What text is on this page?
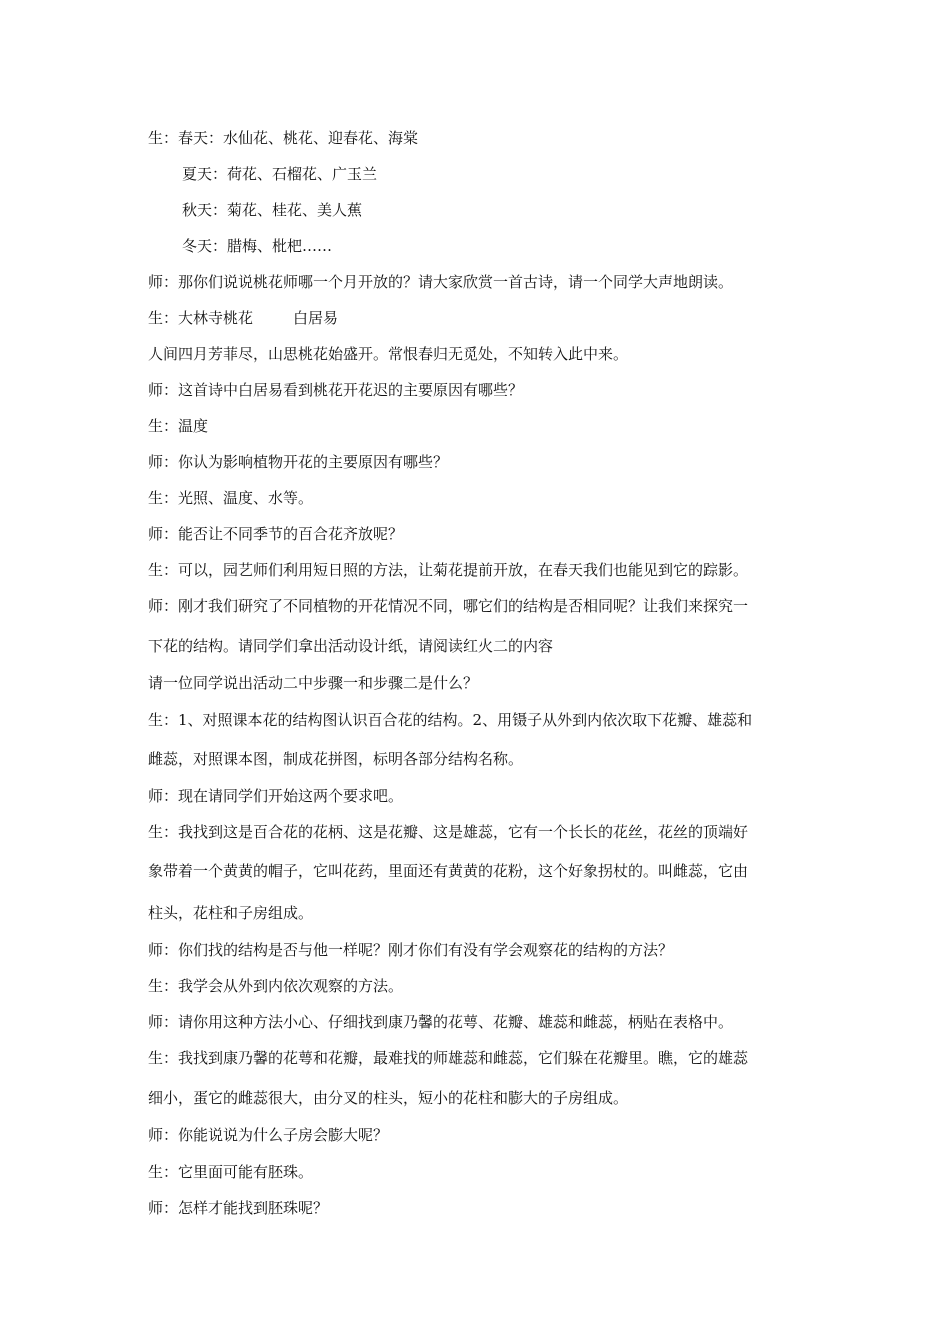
生：春天：水仙花、桃花、迎春花、海棠
夏天：荷花、石榴花、广玉兰
秋天：菊花、桂花、美人蕉
冬天：腊梅、枇杷……
师：那你们说说桃花师哪一个月开放的？请大家欣赏一首古诗，请一个同学大声地朗读。
生：大林寺桃花	白居易
人间四月芳菲尽，山思桃花始盛开。常恨春归无觅处，不知转入此中来。
师：这首诗中白居易看到桃花开花迟的主要原因有哪些？
生：温度
师：你认为影响植物开花的主要原因有哪些？
生：光照、温度、水等。
师：能否让不同季节的百合花齐放呢？
生：可以，园艺师们利用短日照的方法，让菊花提前开放，在春天我们也能见到它的踪影。
师：刚才我们研究了不同植物的开花情况不同，哪它们的结构是否相同呢？让我们来探究一
下花的结构。请同学们拿出活动设计纸，请阅读红火二的内容
请一位同学说出活动二中步骤一和步骤二是什么？
生：1、对照课本花的结构图认识百合花的结构。2、用镊子从外到内依次取下花瓣、雄蕊和
雌蕊，对照课本图，制成花拼图，标明各部分结构名称。
师：现在请同学们开始这两个要求吧。
生：我找到这是百合花的花柄、这是花瓣、这是雄蕊，它有一个长长的花丝，花丝的顶端好
象带着一个黄黄的帽子，它叫花药，里面还有黄黄的花粉，这个好象拐杖的。叫雌蕊，它由
柱头，花柱和子房组成。
师：你们找的结构是否与他一样呢？刚才你们有没有学会观察花的结构的方法？
生：我学会从外到内依次观察的方法。
师：请你用这种方法小心、仔细找到康乃馨的花萼、花瓣、雄蕊和雌蕊，柄贴在表格中。
生：我找到康乃馨的花萼和花瓣，最难找的师雄蕊和雌蕊，它们躲在花瓣里。瞧，它的雄蕊
细小，蛋它的雌蕊很大，由分叉的柱头，短小的花柱和膨大的子房组成。
师：你能说说为什么子房会膨大呢？
生：它里面可能有胚珠。
师：怎样才能找到胚珠呢？
